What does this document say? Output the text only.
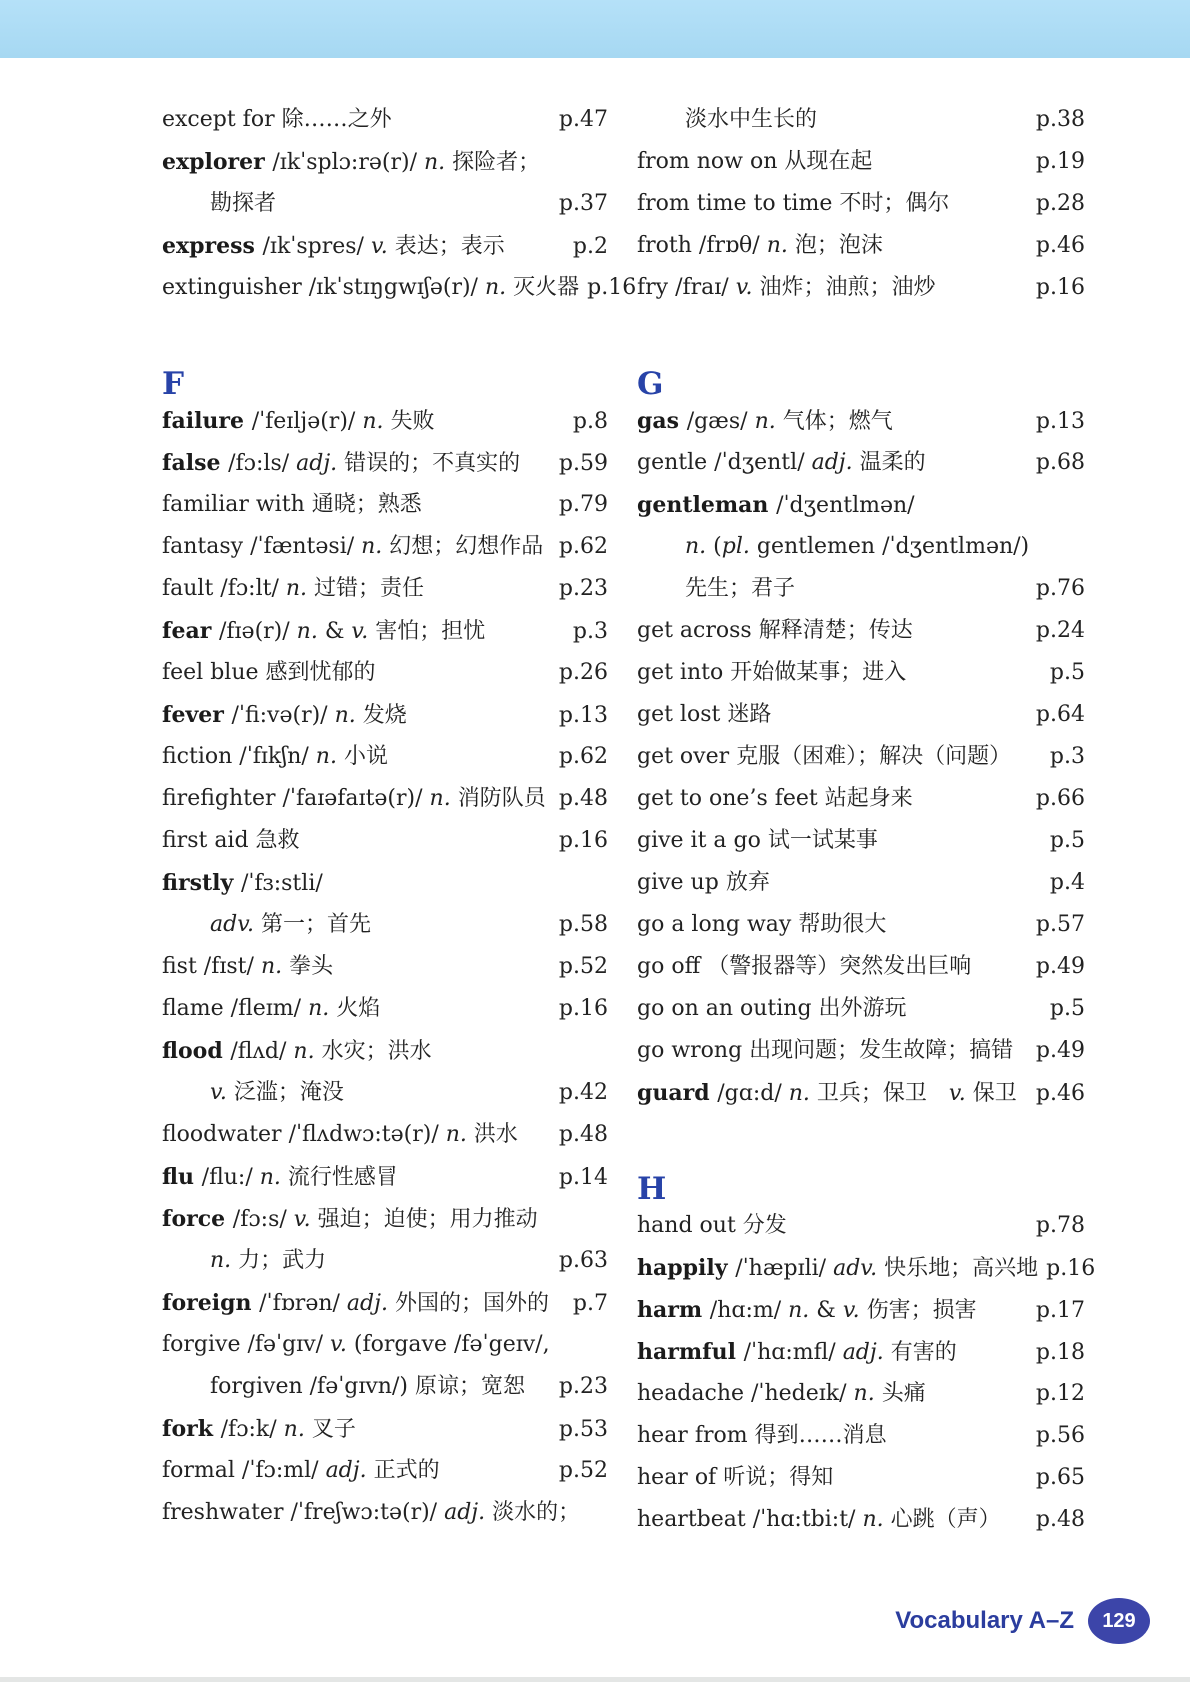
except for 除……之外	p.47
explorer /ɪkˈsplɔ:rə(r)/ n. 探险者；
勘探者	p.37
express /ɪkˈspres/ v. 表达；表示	p.2
extinguisher /ɪkˈstɪŋgwɪʃə(r)/ n. 灭火器 p.16
F
failure /ˈfeɪljə(r)/ n. 失败	p.8
false /fɔ:ls/ adj. 错误的；不真实的 p.59
familiar with 通晓；熟悉	p.79
fantasy /ˈfæntəsi/ n. 幻想；幻想作品 p.62
fault /fɔ:lt/ n. 过错；责任	p.23
fear /fɪə(r)/ n. & v. 害怕；担忧	p.3
feel blue 感到忧郁的	p.26
fever /ˈfi:və(r)/ n. 发烧	p.13
fiction /ˈfɪkʃn/ n. 小说	p.62
firefighter /ˈfaɪəfaɪtə(r)/ n. 消防队员 p.48
first aid 急救	p.16
firstly /ˈfɜ:stli/
adv. 第一；首先	p.58
fist /fɪst/ n. 拳头	p.52
flame /fleɪm/ n. 火焰	p.16
flood /flʌd/ n. 水灾；洪水
v. 泛滥；淹没	p.42
floodwater /ˈflʌdwɔ:tə(r)/ n. 洪水 p.48
flu /flu:/ n. 流行性感冒	p.14
force /fɔ:s/ v. 强迫；迫使；用力推动
n. 力；武力	p.63
foreign /ˈfɒrən/ adj. 外国的；国外的 p.7
forgive /fəˈgɪv/ v. (forgave /fəˈgeɪv/,
forgiven /fəˈgɪvn/) 原谅；宽恕 p.23
fork /fɔ:k/ n. 叉子	p.53
formal /ˈfɔ:ml/ adj. 正式的	p.52
freshwater /ˈfreʃwɔ:tə(r)/ adj. 淡水的；
淡水中生长的	p.38
from now on 从现在起	p.19
from time to time 不时；偶尔	p.28
froth /frɒθ/ n. 泡；泡沫	p.46
fry /fraɪ/ v. 油炸；油煎；油炒	p.16
G
gas /gæs/ n. 气体；燃气	p.13
gentle /ˈdʒentl/ adj. 温柔的	p.68
gentleman /ˈdʒentlmən/
n. (pl. gentlemen /ˈdʒentlmən/)
先生；君子	p.76
get across 解释清楚；传达	p.24
get into 开始做某事；进入	p.5
get lost 迷路	p.64
get over 克服（困难）；解决（问题） p.3
get to one’s feet 站起身来	p.66
give it a go 试一试某事	p.5
give up 放弃	p.4
go a long way 帮助很大	p.57
go off （警报器等）突然发出巨响	p.49
go on an outing 出外游玩	p.5
go wrong 出现问题；发生故障；搞错 p.49
guard /gɑ:d/ n. 卫兵；保卫　v. 保卫 p.46
H
hand out 分发	p.78
happily /ˈhæpɪli/ adv. 快乐地；高兴地 p.16
harm /hɑ:m/ n. & v. 伤害；损害	p.17
harmful /ˈhɑ:mfl/ adj. 有害的	p.18
headache /ˈhedeɪk/ n. 头痛	p.12
hear from 得到……消息	p.56
hear of 听说；得知	p.65
heartbeat /ˈhɑ:tbi:t/ n. 心跳（声） p.48
Vocabulary A–Z	129
